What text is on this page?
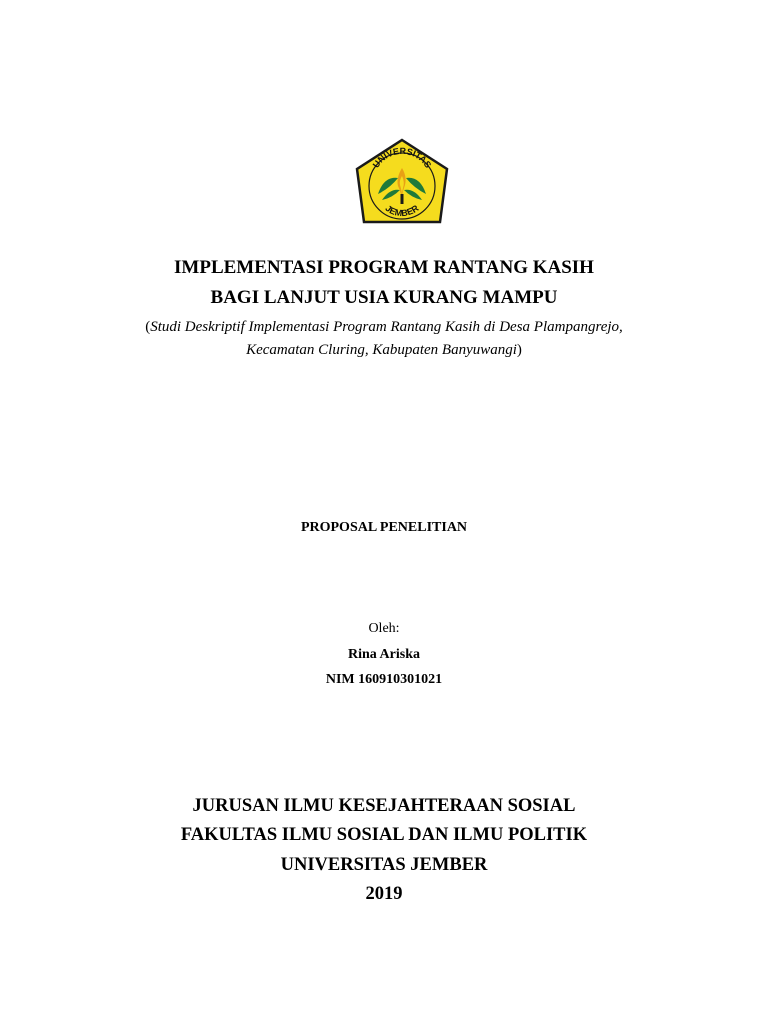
UNIVERSITAS
JEMBER
IMPLEMENTASI PROGRAM RANTANG KASIH
BAGI LANJUT USIA KURANG MAMPU
(Studi Deskriptif Implementasi Program Rantang Kasih di Desa Plampangrejo,
Kecamatan Cluring, Kabupaten Banyuwangi)
PROPOSAL PENELITIAN
Oleh:
Rina Ariska
NIM 160910301021
JURUSAN ILMU KESEJAHTERAAN SOSIAL
FAKULTAS ILMU SOSIAL DAN ILMU POLITIK
UNIVERSITAS JEMBER
2019
